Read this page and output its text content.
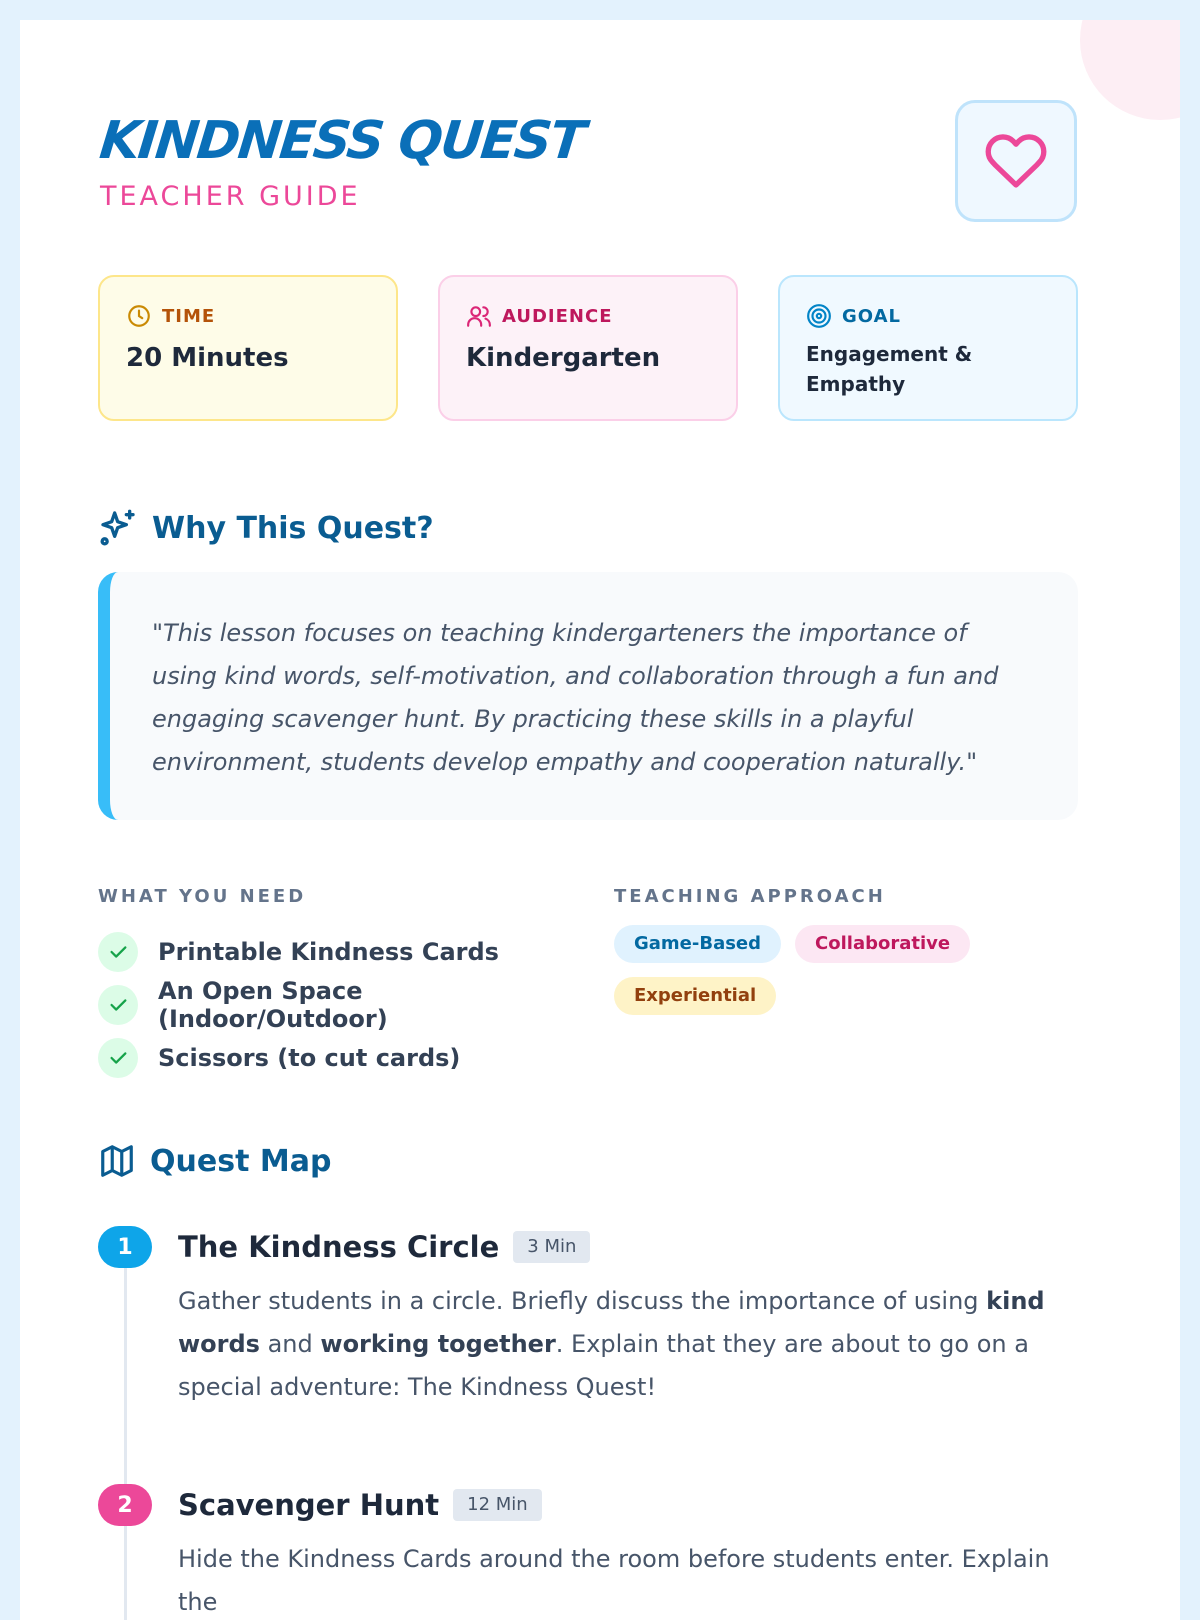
KINDNESS QUEST
TEACHER GUIDE
TIME
20 Minutes
AUDIENCE
Kindergarten
GOAL
Engagement &
Empathy
Why This Quest?

"This lesson focuses on teaching kindergarteners the importance of using kind words, self-motivation, and collaboration through a fun and engaging scavenger hunt. By practicing these skills in a playful environment, students develop empathy and cooperation naturally."

WHAT YOU NEED
Printable Kindness Cards
An Open Space (Indoor/Outdoor)
Scissors (to cut cards)
TEACHING APPROACH
Game-Based	Collaborative
Experiential
Quest Map
1	The Kindness Circle	3 Min

Gather students in a circle. Briefly discuss the importance of using kind words and working together. Explain that they are about to go on a special adventure: The Kindness Quest!

2	Scavenger Hunt	12 Min

Hide the Kindness Cards around the room before students enter. Explain the
